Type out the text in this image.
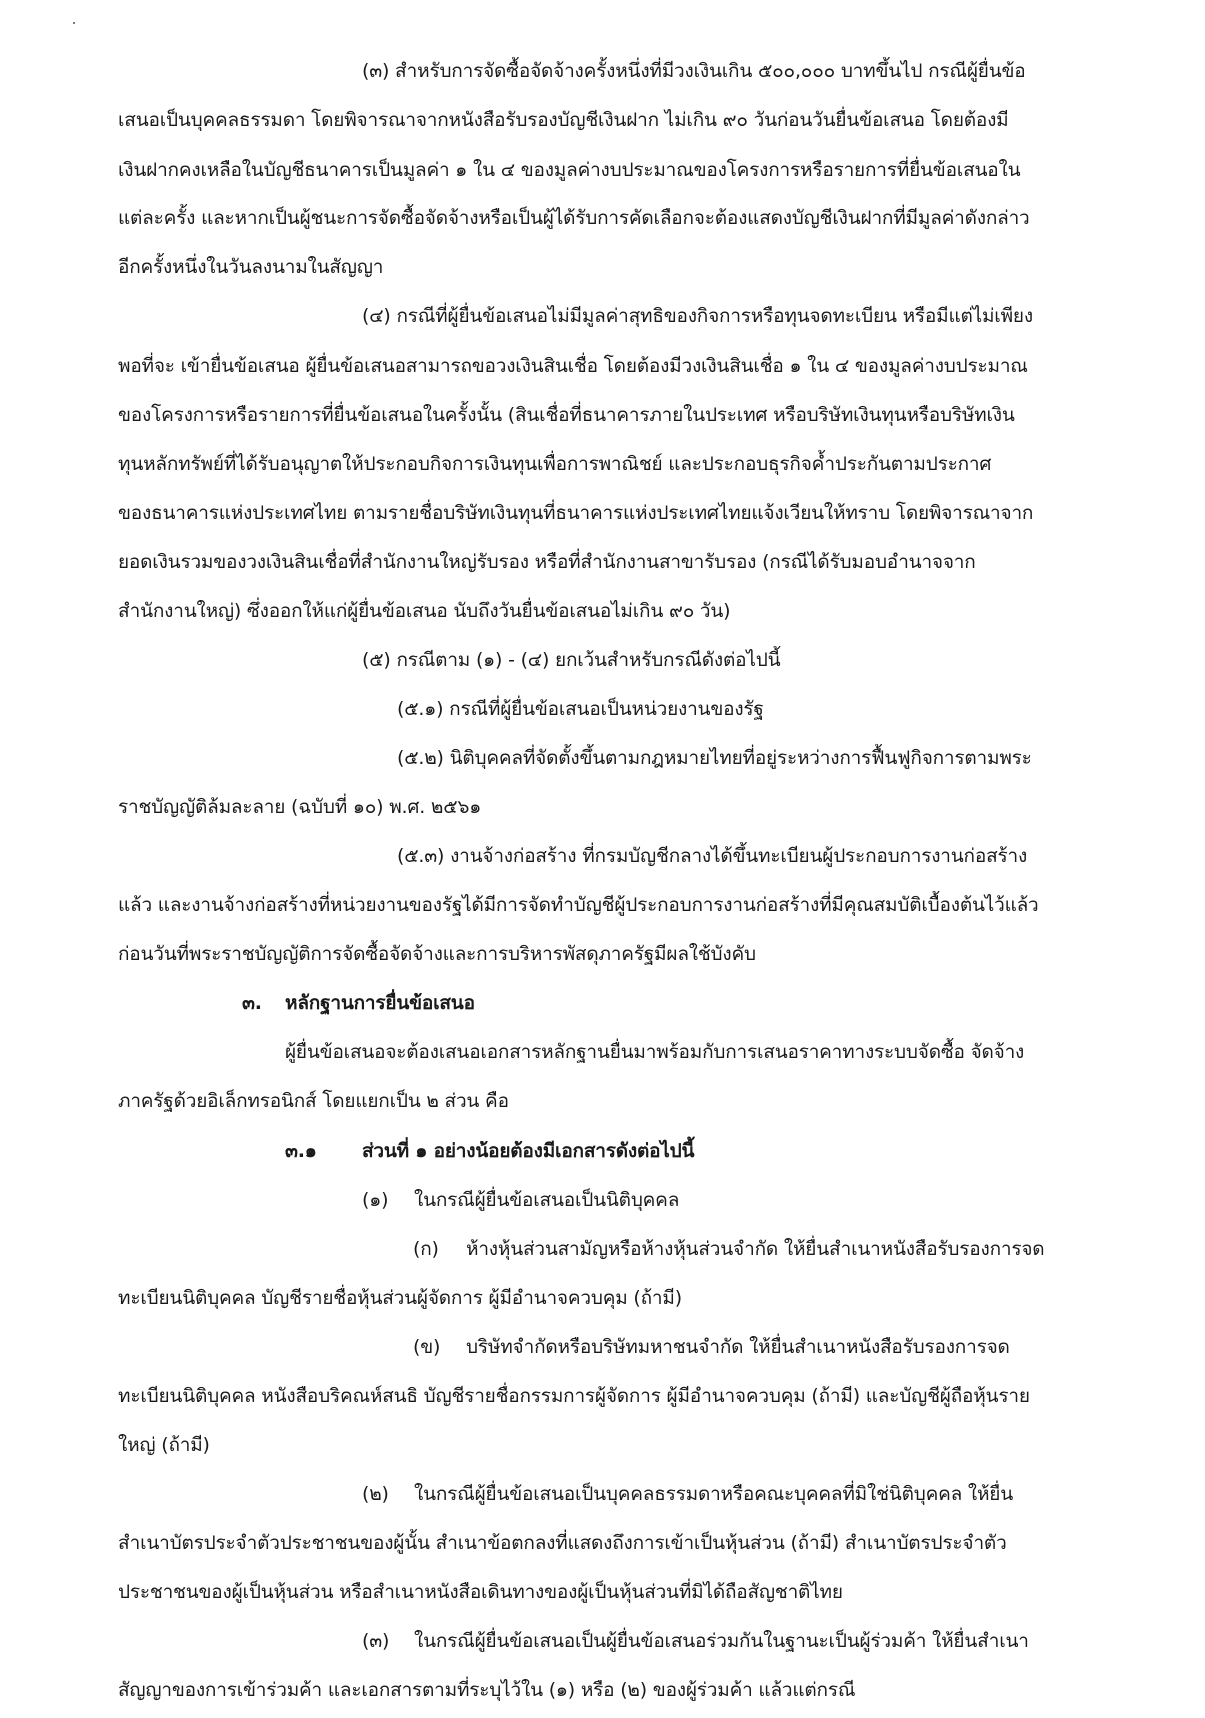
(๓) สำหรับการจัดซื้อจัดจ้างครั้งหนึ่งที่มีวงเงินเกิน ๕๐๐,๐๐๐ บาทขึ้นไป กรณีผู้ยื่นข้อ
เสนอเป็นบุคคลธรรมดา โดยพิจารณาจากหนังสือรับรองบัญชีเงินฝาก ไม่เกิน ๙๐ วันก่อนวันยื่นข้อเสนอ โดยต้องมี
เงินฝากคงเหลือในบัญชีธนาคารเป็นมูลค่า ๑ ใน ๔ ของมูลค่างบประมาณของโครงการหรือรายการที่ยื่นข้อเสนอใน
แต่ละครั้ง และหากเป็นผู้ชนะการจัดซื้อจัดจ้างหรือเป็นผู้ได้รับการคัดเลือกจะต้องแสดงบัญชีเงินฝากที่มีมูลค่าดังกล่าว
อีกครั้งหนึ่งในวันลงนามในสัญญา
(๔) กรณีที่ผู้ยื่นข้อเสนอไม่มีมูลค่าสุทธิของกิจการหรือทุนจดทะเบียน หรือมีแต่ไม่เพียง
พอที่จะ เข้ายื่นข้อเสนอ ผู้ยื่นข้อเสนอสามารถขอวงเงินสินเชื่อ โดยต้องมีวงเงินสินเชื่อ ๑ ใน ๔ ของมูลค่างบประมาณ
ของโครงการหรือรายการที่ยื่นข้อเสนอในครั้งนั้น (สินเชื่อที่ธนาคารภายในประเทศ หรือบริษัทเงินทุนหรือบริษัทเงิน
ทุนหลักทรัพย์ที่ได้รับอนุญาตให้ประกอบกิจการเงินทุนเพื่อการพาณิชย์ และประกอบธุรกิจค้ำประกันตามประกาศ
ของธนาคารแห่งประเทศไทย ตามรายชื่อบริษัทเงินทุนที่ธนาคารแห่งประเทศไทยแจ้งเวียนให้ทราบ โดยพิจารณาจาก
ยอดเงินรวมของวงเงินสินเชื่อที่สำนักงานใหญ่รับรอง หรือที่สำนักงานสาขารับรอง (กรณีได้รับมอบอำนาจจาก
สำนักงานใหญ่) ซึ่งออกให้แก่ผู้ยื่นข้อเสนอ นับถึงวันยื่นข้อเสนอไม่เกิน ๙๐ วัน)
(๕) กรณีตาม (๑) - (๔) ยกเว้นสำหรับกรณีดังต่อไปนี้
(๕.๑) กรณีที่ผู้ยื่นข้อเสนอเป็นหน่วยงานของรัฐ
(๕.๒) นิติบุคคลที่จัดตั้งขึ้นตามกฎหมายไทยที่อยู่ระหว่างการฟื้นฟูกิจการตามพระ
ราชบัญญัติล้มละลาย (ฉบับที่ ๑๐) พ.ศ. ๒๕๖๑
(๕.๓) งานจ้างก่อสร้าง ที่กรมบัญชีกลางได้ขึ้นทะเบียนผู้ประกอบการงานก่อสร้าง
แล้ว และงานจ้างก่อสร้างที่หน่วยงานของรัฐได้มีการจัดทำบัญชีผู้ประกอบการงานก่อสร้างที่มีคุณสมบัติเบื้องต้นไว้แล้ว
ก่อนวันที่พระราชบัญญัติการจัดซื้อจัดจ้างและการบริหารพัสดุภาครัฐมีผลใช้บังคับ
๓. หลักฐานการยื่นข้อเสนอ
ผู้ยื่นข้อเสนอจะต้องเสนอเอกสารหลักฐานยื่นมาพร้อมกับการเสนอราคาทางระบบจัดซื้อ จัดจ้าง
ภาครัฐด้วยอิเล็กทรอนิกส์ โดยแยกเป็น ๒ ส่วน คือ
๓.๑ ส่วนที่ ๑ อย่างน้อยต้องมีเอกสารดังต่อไปนี้
(๑) ในกรณีผู้ยื่นข้อเสนอเป็นนิติบุคคล
(ก) ห้างหุ้นส่วนสามัญหรือห้างหุ้นส่วนจำกัด ให้ยื่นสำเนาหนังสือรับรองการจด
ทะเบียนนิติบุคคล บัญชีรายชื่อหุ้นส่วนผู้จัดการ ผู้มีอำนาจควบคุม (ถ้ามี)
(ข) บริษัทจำกัดหรือบริษัทมหาชนจำกัด ให้ยื่นสำเนาหนังสือรับรองการจด
ทะเบียนนิติบุคคล หนังสือบริคณห์สนธิ บัญชีรายชื่อกรรมการผู้จัดการ ผู้มีอำนาจควบคุม (ถ้ามี) และบัญชีผู้ถือหุ้นราย
ใหญ่ (ถ้ามี)
(๒) ในกรณีผู้ยื่นข้อเสนอเป็นบุคคลธรรมดาหรือคณะบุคคลที่มิใช่นิติบุคคล ให้ยื่น
สำเนาบัตรประจำตัวประชาชนของผู้นั้น สำเนาข้อตกลงที่แสดงถึงการเข้าเป็นหุ้นส่วน (ถ้ามี) สำเนาบัตรประจำตัว
ประชาชนของผู้เป็นหุ้นส่วน หรือสำเนาหนังสือเดินทางของผู้เป็นหุ้นส่วนที่มิได้ถือสัญชาติไทย
(๓) ในกรณีผู้ยื่นข้อเสนอเป็นผู้ยื่นข้อเสนอร่วมกันในฐานะเป็นผู้ร่วมค้า ให้ยื่นสำเนา
สัญญาของการเข้าร่วมค้า และเอกสารตามที่ระบุไว้ใน (๑) หรือ (๒) ของผู้ร่วมค้า แล้วแต่กรณี
